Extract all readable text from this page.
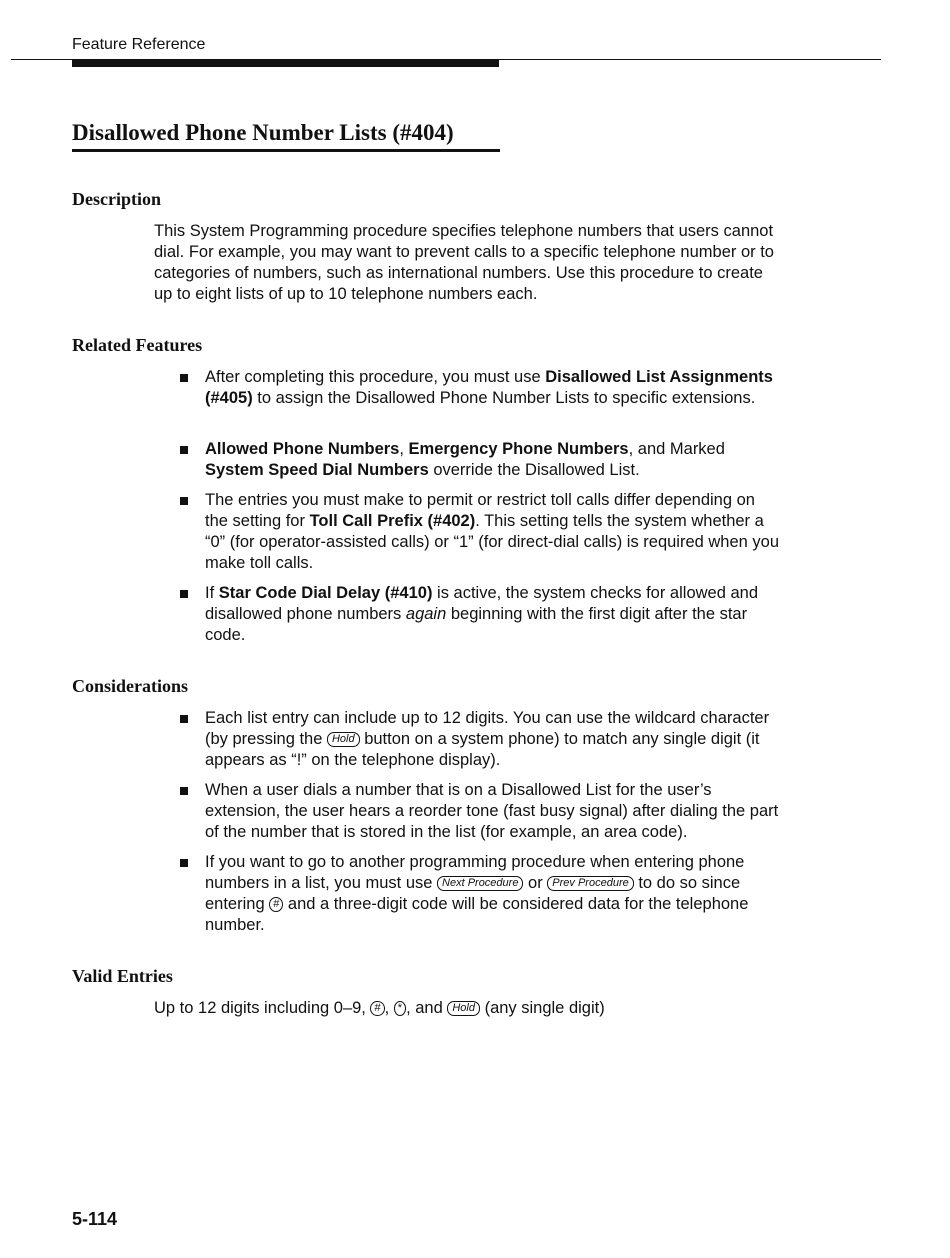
Feature Reference
Disallowed Phone Number Lists (#404)
Description

This System Programming procedure specifies telephone numbers that users cannot dial. For example, you may want to prevent calls to a specific telephone number or to categories of numbers, such as international numbers. Use this procedure to create up to eight lists of up to 10 telephone numbers each.

Related Features
After completing this procedure, you must use Disallowed List Assignments (#405) to assign the Disallowed Phone Number Lists to specific extensions.
Allowed Phone Numbers, Emergency Phone Numbers, and Marked System Speed Dial Numbers override the Disallowed List.
The entries you must make to permit or restrict toll calls differ depending on the setting for Toll Call Prefix (#402). This setting tells the system whether a “0” (for operator-assisted calls) or “1” (for direct-dial calls) is required when you make toll calls.
If Star Code Dial Delay (#410) is active, the system checks for allowed and disallowed phone numbers again beginning with the first digit after the star code.
Considerations
Each list entry can include up to 12 digits. You can use the wildcard character (by pressing the Hold button on a system phone) to match any single digit (it appears as “!” on the telephone display).
When a user dials a number that is on a Disallowed List for the user’s extension, the user hears a reorder tone (fast busy signal) after dialing the part of the number that is stored in the list (for example, an area code).
If you want to go to another programming procedure when entering phone numbers in a list, you must use Next Procedure or Prev Procedure to do so since entering # and a three-digit code will be considered data for the telephone number.
Valid Entries

Up to 12 digits including 0–9, # , * , and Hold (any single digit)

5-114
